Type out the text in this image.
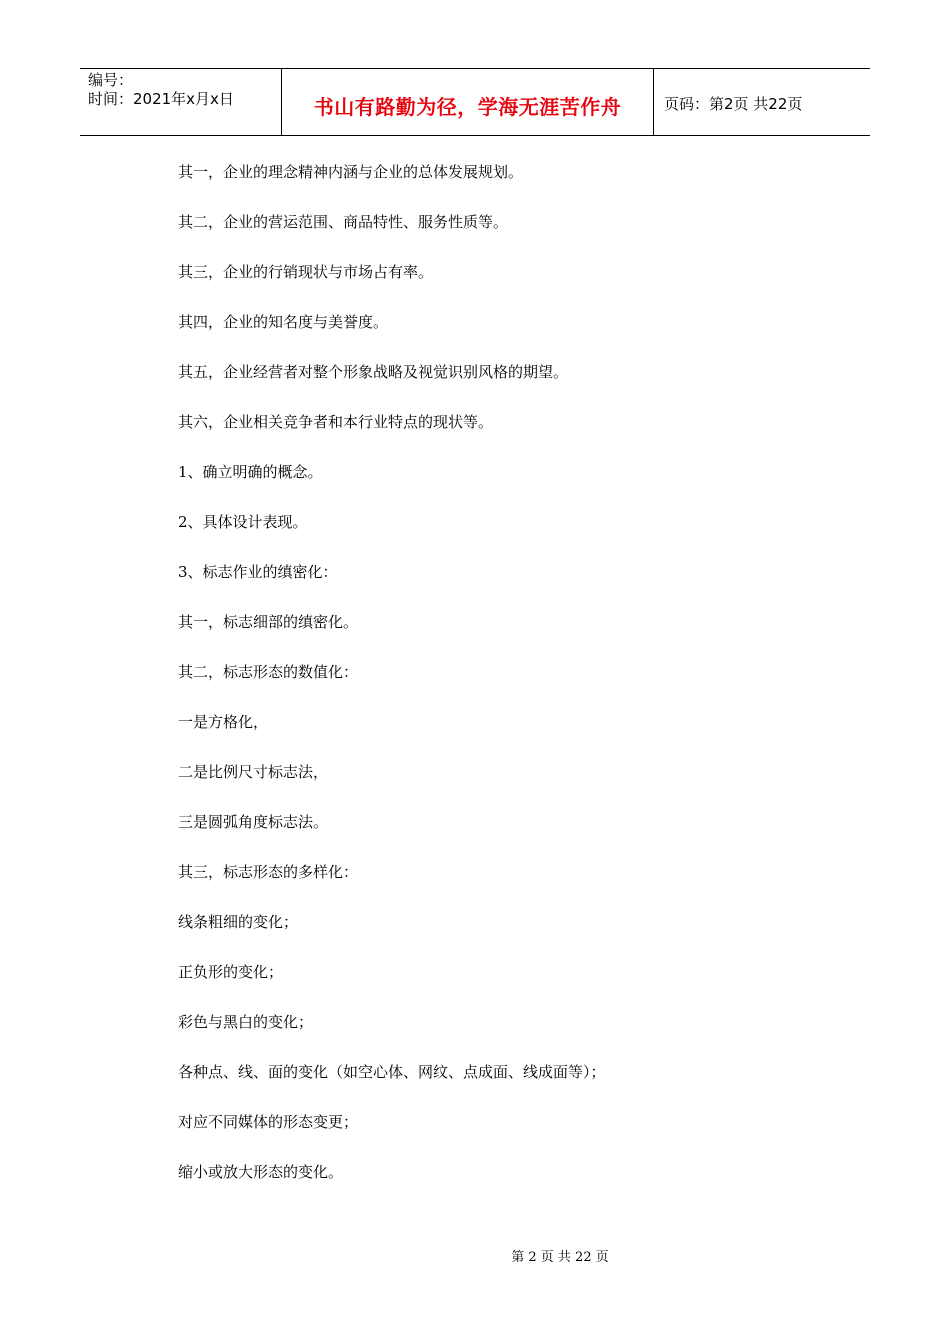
编号：
时间：2021年x月x日	书山有路勤为径，学海无涯苦作舟	页码：第2页 共22页
其一，企业的理念精神内涵与企业的总体发展规划。
其二，企业的营运范围、商品特性、服务性质等。
其三，企业的行销现状与市场占有率。
其四，企业的知名度与美誉度。
其五，企业经营者对整个形象战略及视觉识别风格的期望。
其六，企业相关竞争者和本行业特点的现状等。
1、确立明确的概念。
2、具体设计表现。
3、标志作业的缜密化：
其一，标志细部的缜密化。
其二，标志形态的数值化：
一是方格化，
二是比例尺寸标志法，
三是圆弧角度标志法。
其三，标志形态的多样化：
线条粗细的变化；
正负形的变化；
彩色与黑白的变化；
各种点、线、面的变化（如空心体、网纹、点成面、线成面等）；
对应不同媒体的形态变更；
缩小或放大形态的变化。
第 2 页 共 22 页
